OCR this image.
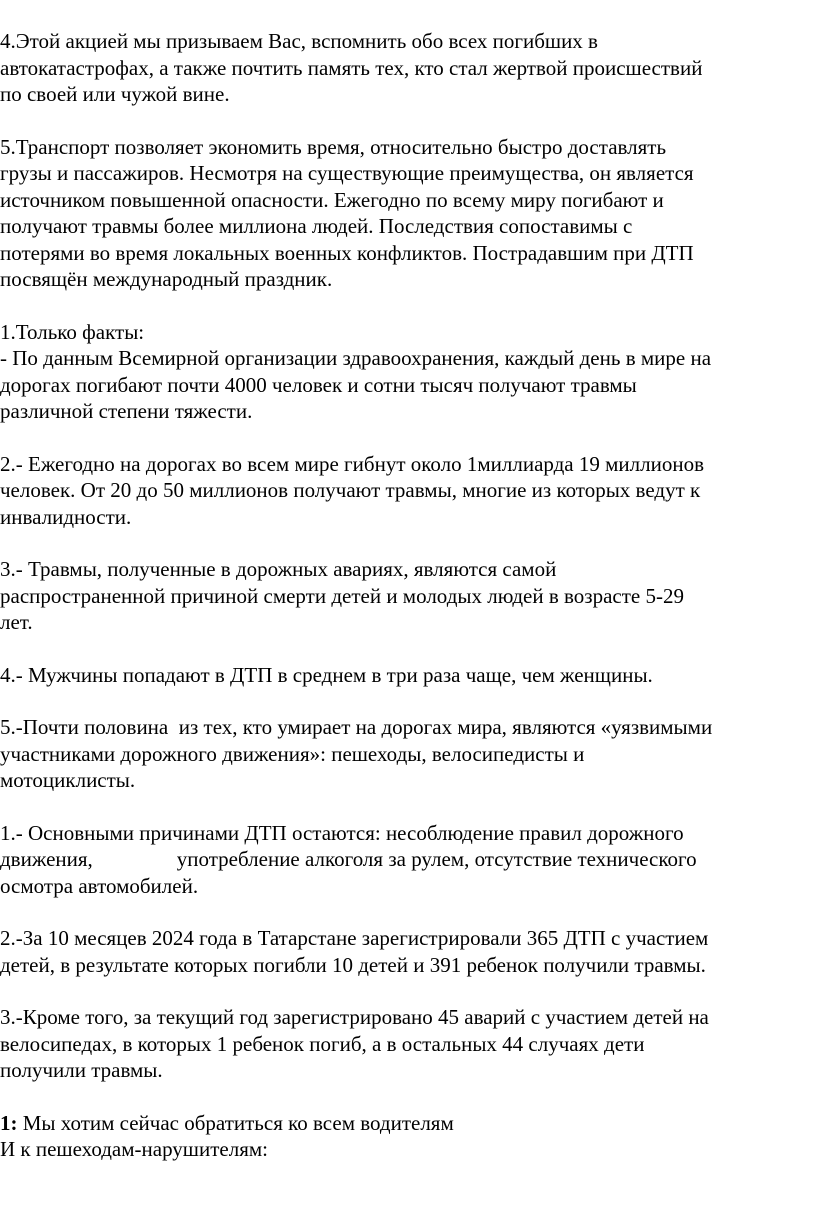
4.Этой акцией мы призываем Вас, вспомнить обо всех погибших в
автокатастрофах, а также почтить память тех, кто стал жертвой происшествий
по своей или чужой вине.

5.Транспорт позволяет экономить время, относительно быстро доставлять
грузы и пассажиров. Несмотря на существующие преимущества, он является
источником повышенной опасности. Ежегодно по всему миру погибают и
получают травмы более миллиона людей. Последствия сопоставимы с
потерями во время локальных военных конфликтов. Пострадавшим при ДТП
посвящён международный праздник.

1.Только факты:
- По данным Всемирной организации здравоохранения, каждый день в мире на
дорогах погибают почти 4000 человек и сотни тысяч получают травмы
различной степени тяжести.

2.- Ежегодно на дорогах во всем мире гибнут около 1миллиарда 19 миллионов
человек. От 20 до 50 миллионов получают травмы, многие из которых ведут к
инвалидности.

3.- Травмы, полученные в дорожных авариях, являются самой
распространенной причиной смерти детей и молодых людей в возрасте 5-29
лет.

4.- Мужчины попадают в ДТП в среднем в три раза чаще, чем женщины.

5.-Почти половина  из тех, кто умирает на дорогах мира, являются «уязвимыми
участниками дорожного движения»: пешеходы, велосипедисты и
мотоциклисты.

1.- Основными причинами ДТП остаются: несоблюдение правил дорожного
движения,                употребление алкоголя за рулем, отсутствие технического
осмотра автомобилей.

2.-За 10 месяцев 2024 года в Татарстане зарегистрировали 365 ДТП с участием
детей, в результате которых погибли 10 детей и 391 ребенок получили травмы.

3.-Кроме того, за текущий год зарегистрировано 45 аварий с участием детей на
велосипедах, в которых 1 ребенок погиб, а в остальных 44 случаях дети
получили травмы.

1: Мы хотим сейчас обратиться ко всем водителям
И к пешеходам-нарушителям:
